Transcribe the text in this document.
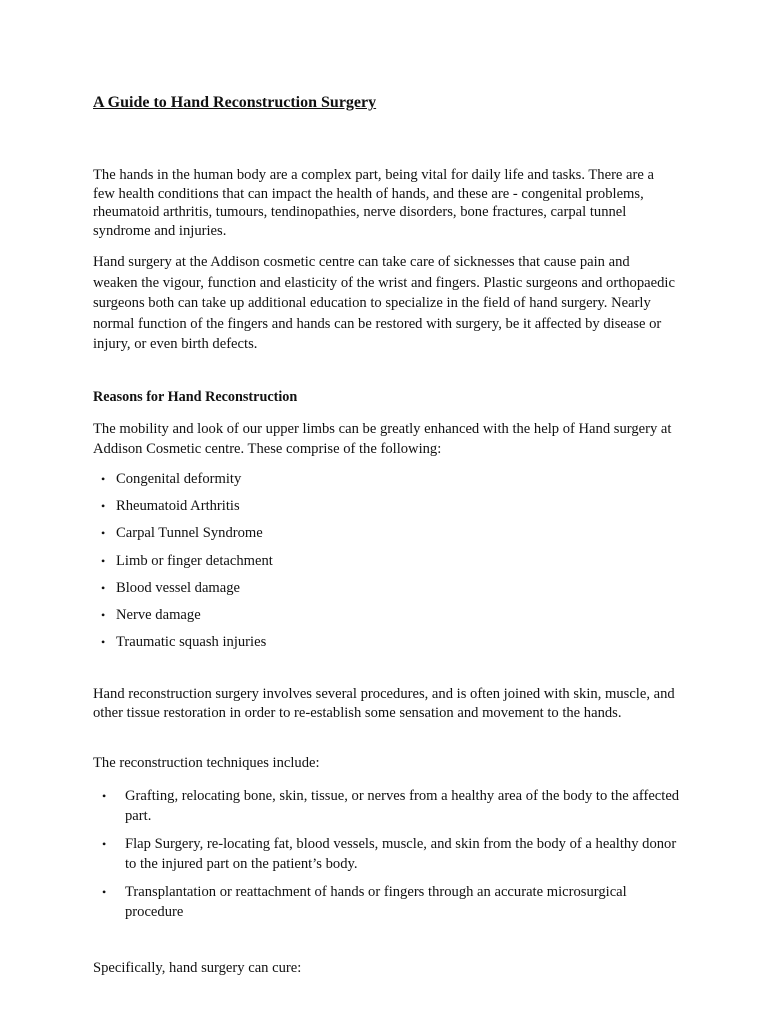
A Guide to Hand Reconstruction Surgery

The hands in the human body are a complex part, being vital for daily life and tasks. There are a few health conditions that can impact the health of hands, and these are - congenital problems, rheumatoid arthritis, tumours, tendinopathies, nerve disorders, bone fractures, carpal tunnel syndrome and injuries.

Hand surgery at the Addison cosmetic centre can take care of sicknesses that cause pain and weaken the vigour, function and elasticity of the wrist and fingers. Plastic surgeons and orthopaedic surgeons both can take up additional education to specialize in the field of hand surgery. Nearly normal function of the fingers and hands can be restored with surgery, be it affected by disease or injury, or even birth defects.

Reasons for Hand Reconstruction

The mobility and look of our upper limbs can be greatly enhanced with the help of Hand surgery at Addison Cosmetic centre. These comprise of the following:

• Congenital deformity
• Rheumatoid Arthritis
• Carpal Tunnel Syndrome
• Limb or finger detachment
• Blood vessel damage
• Nerve damage
• Traumatic squash injuries

Hand reconstruction surgery involves several procedures, and is often joined with skin, muscle, and other tissue restoration in order to re-establish some sensation and movement to the hands.

The reconstruction techniques include:

• Grafting, relocating bone, skin, tissue, or nerves from a healthy area of the body to the affected part.
• Flap Surgery, re-locating fat, blood vessels, muscle, and skin from the body of a healthy donor to the injured part on the patient’s body.
• Transplantation or reattachment of hands or fingers through an accurate microsurgical procedure

Specifically, hand surgery can cure:
